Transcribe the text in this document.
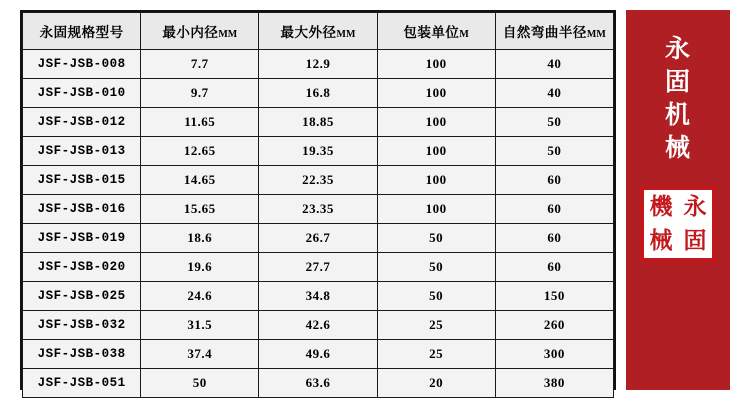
永固规格型号	最小内径MM	最大外径MM	包装单位M	自然弯曲半径MM
JSF-JSB-008	7.7	12.9	100	40
JSF-JSB-010	9.7	16.8	100	40
JSF-JSB-012	11.65	18.85	100	50
JSF-JSB-013	12.65	19.35	100	50
JSF-JSB-015	14.65	22.35	100	60
JSF-JSB-016	15.65	23.35	100	60
JSF-JSB-019	18.6	26.7	50	60
JSF-JSB-020	19.6	27.7	50	60
JSF-JSB-025	24.6	34.8	50	150
JSF-JSB-032	31.5	42.6	25	260
JSF-JSB-038	37.4	49.6	25	300
JSF-JSB-051	50	63.6	20	380
永
固
机
械
永
機
固
械
